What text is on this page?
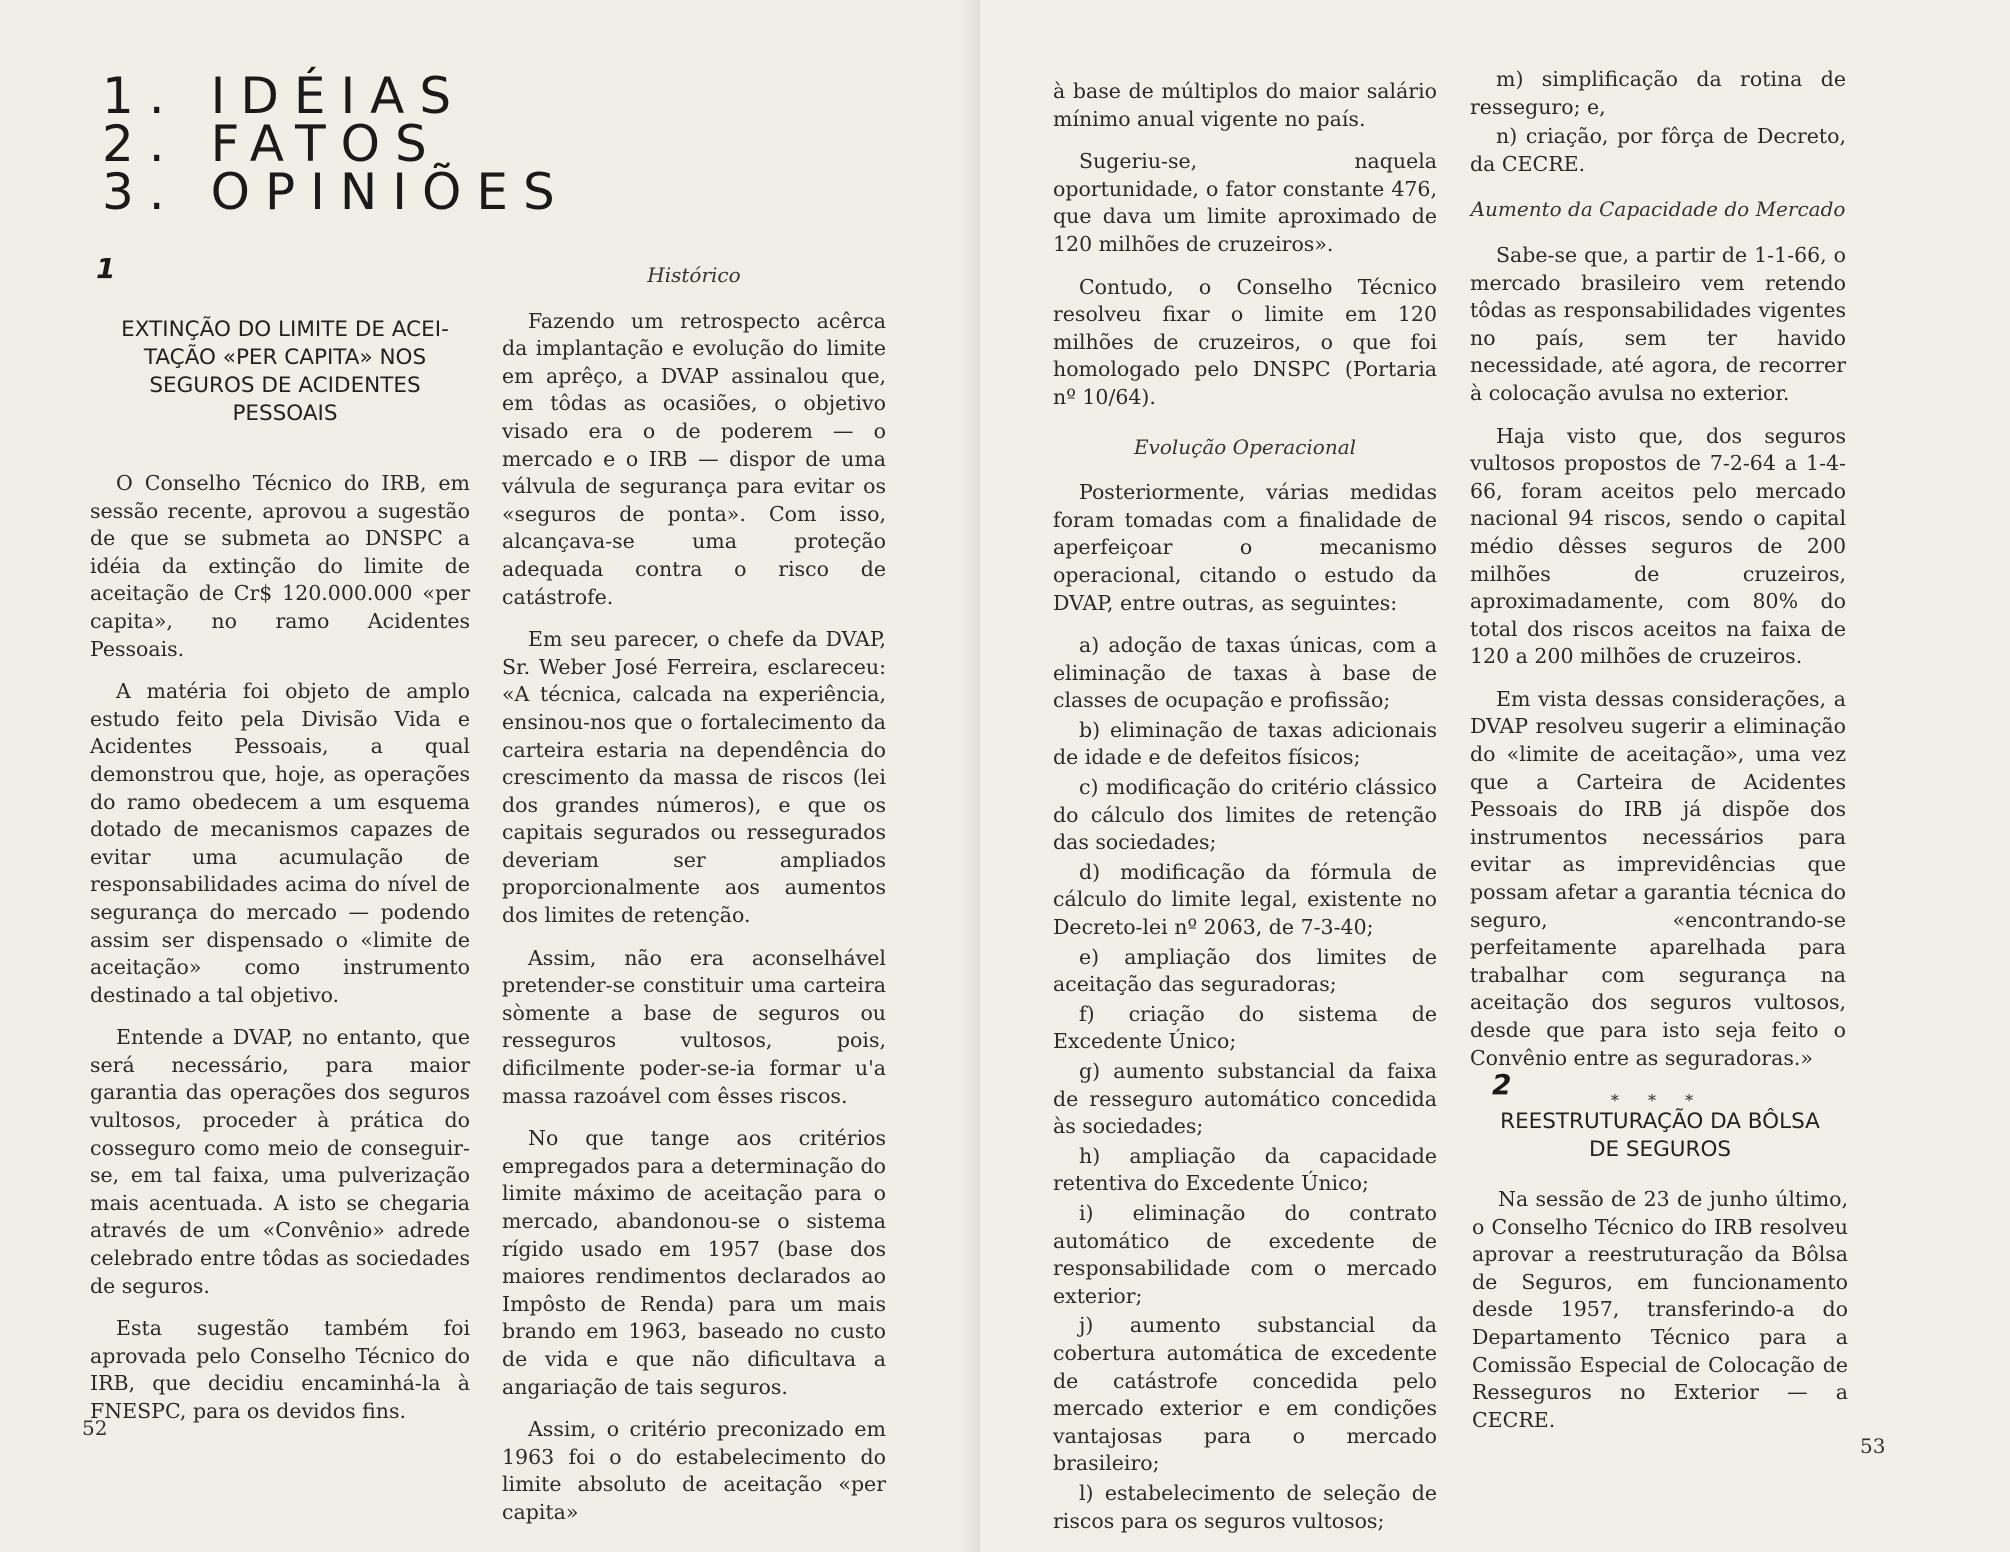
1. IDÉIAS
2. FATOS
3. OPINIÕES
1
EXTINÇÃO DO LIMITE DE ACEI-
TAÇÃO «PER CAPITA» NOS
SEGUROS DE ACIDENTES
PESSOAIS

O Conselho Técnico do IRB, em sessão recente, aprovou a sugestão de que se submeta ao DNSPC a idéia da extinção do limite de aceitação de Cr$ 120.000.000 «per capita», no ramo Acidentes Pessoais.

A matéria foi objeto de amplo estudo feito pela Divisão Vida e Acidentes Pessoais, a qual demonstrou que, hoje, as operações do ramo obedecem a um esquema dotado de mecanismos capazes de evitar uma acumulação de responsabilidades acima do nível de segurança do mercado — podendo assim ser dispensado o «limite de aceitação» como instrumento destinado a tal objetivo.

Entende a DVAP, no entanto, que será necessário, para maior garantia das operações dos seguros vultosos, proceder à prática do cosseguro como meio de conseguir-se, em tal faixa, uma pulverização mais acentuada. A isto se chegaria através de um «Convênio» adrede celebrado entre tôdas as sociedades de seguros.

Esta sugestão também foi aprovada pelo Conselho Técnico do IRB, que decidiu encaminhá-la à FNESPC, para os devidos fins.

Histórico

Fazendo um retrospecto acêrca da implantação e evolução do limite em aprêço, a DVAP assinalou que, em tôdas as ocasiões, o objetivo visado era o de poderem — o mercado e o IRB — dispor de uma válvula de segurança para evitar os «seguros de ponta». Com isso, alcançava-se uma proteção adequada contra o risco de catástrofe.

Em seu parecer, o chefe da DVAP, Sr. Weber José Ferreira, esclareceu: «A técnica, calcada na experiência, ensinou-nos que o fortalecimento da carteira estaria na dependência do crescimento da massa de riscos (lei dos grandes números), e que os capitais segurados ou ressegurados deveriam ser ampliados proporcionalmente aos aumentos dos limites de retenção.

Assim, não era aconselhável pretender-se constituir uma carteira sòmente a base de seguros ou resseguros vultosos, pois, dificilmente poder-se-ia formar u'a massa razoável com êsses riscos.

No que tange aos critérios empregados para a determinação do limite máximo de aceitação para o mercado, abandonou-se o sistema rígido usado em 1957 (base dos maiores rendimentos declarados ao Impôsto de Renda) para um mais brando em 1963, baseado no custo de vida e que não dificultava a angariação de tais seguros.

Assim, o critério preconizado em 1963 foi o do estabelecimento do limite absoluto de aceitação «per capita»

52

à base de múltiplos do maior salário mínimo anual vigente no país.

Sugeriu-se, naquela oportunidade, o fator constante 476, que dava um limite aproximado de 120 milhões de cruzeiros».

Contudo, o Conselho Técnico resolveu fixar o limite em 120 milhões de cruzeiros, o que foi homologado pelo DNSPC (Portaria nº 10/64).

Evolução Operacional

Posteriormente, várias medidas foram tomadas com a finalidade de aperfeiçoar o mecanismo operacional, citando o estudo da DVAP, entre outras, as seguintes:

a) adoção de taxas únicas, com a eliminação de taxas à base de classes de ocupação e profissão;

b) eliminação de taxas adicionais de idade e de defeitos físicos;

c) modificação do critério clássico do cálculo dos limites de retenção das sociedades;

d) modificação da fórmula de cálculo do limite legal, existente no Decreto-lei nº 2063, de 7-3-40;

e) ampliação dos limites de aceitação das seguradoras;

f) criação do sistema de Excedente Único;

g) aumento substancial da faixa de resseguro automático concedida às sociedades;

h) ampliação da capacidade retentiva do Excedente Único;

i) eliminação do contrato automático de excedente de responsabilidade com o mercado exterior;

j) aumento substancial da cobertura automática de excedente de catástrofe concedida pelo mercado exterior e em condições vantajosas para o mercado brasileiro;

l) estabelecimento de seleção de riscos para os seguros vultosos;

m) simplificação da rotina de resseguro; e,

n) criação, por fôrça de Decreto, da CECRE.

Aumento da Capacidade do Mercado

Sabe-se que, a partir de 1-1-66, o mercado brasileiro vem retendo tôdas as responsabilidades vigentes no país, sem ter havido necessidade, até agora, de recorrer à colocação avulsa no exterior.

Haja visto que, dos seguros vultosos propostos de 7-2-64 a 1-4-66, foram aceitos pelo mercado nacional 94 riscos, sendo o capital médio dêsses seguros de 200 milhões de cruzeiros, aproximadamente, com 80% do total dos riscos aceitos na faixa de 120 a 200 milhões de cruzeiros.

Em vista dessas considerações, a DVAP resolveu sugerir a eliminação do «limite de aceitação», uma vez que a Carteira de Acidentes Pessoais do IRB já dispõe dos instrumentos necessários para evitar as imprevidências que possam afetar a garantia técnica do seguro, «encontrando-se perfeitamente aparelhada para trabalhar com segurança na aceitação dos seguros vultosos, desde que para isto seja feito o Convênio entre as seguradoras.»

* * *
2
REESTRUTURAÇÃO DA BÔLSA
DE SEGUROS

Na sessão de 23 de junho último, o Conselho Técnico do IRB resolveu aprovar a reestruturação da Bôlsa de Seguros, em funcionamento desde 1957, transferindo-a do Departamento Técnico para a Comissão Especial de Colocação de Resseguros no Exterior — a CECRE.

53
